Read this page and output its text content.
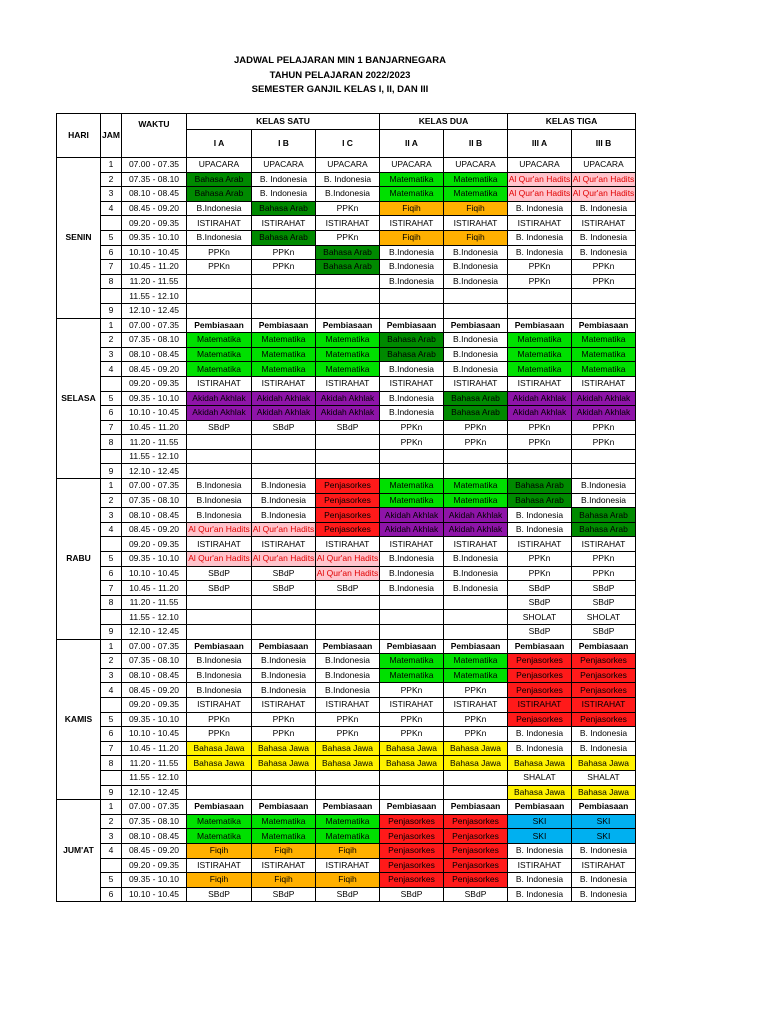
JADWAL PELAJARAN MIN 1 BANJARNEGARA
TAHUN PELAJARAN 2022/2023
SEMESTER GANJIL KELAS I, II, DAN III
HARI	JAM	WAKTU	KELAS SATU			KELAS DUA		KELAS TIGA	
			I A	I B	I C	II A	II B	III A	III B
SENIN	1	07.00 - 07.35	UPACARA	UPACARA	UPACARA	UPACARA	UPACARA	UPACARA	UPACARA
	2	07.35 - 08.10	Bahasa Arab	B. Indonesia	B. Indonesia	Matematika	Matematika	Al Qur'an Hadits	Al Qur'an Hadits
	3	08.10 - 08.45	Bahasa Arab	B. Indonesia	B.Indonesia	Matematika	Matematika	Al Qur'an Hadits	Al Qur'an Hadits
	4	08.45 - 09.20	B.Indonesia	Bahasa Arab	PPKn	Fiqih	Fiqih	B. Indonesia	B. Indonesia
		09.20 - 09.35	ISTIRAHAT	ISTIRAHAT	ISTIRAHAT	ISTIRAHAT	ISTIRAHAT	ISTIRAHAT	ISTIRAHAT
	5	09.35 - 10.10	B.Indonesia	Bahasa Arab	PPKn	Fiqih	Fiqih	B. Indonesia	B. Indonesia
	6	10.10 - 10.45	PPKn	PPKn	Bahasa Arab	B.Indonesia	B.Indonesia	B. Indonesia	B. Indonesia
	7	10.45 - 11.20	PPKn	PPKn	Bahasa Arab	B.Indonesia	B.Indonesia	PPKn	PPKn
	8	11.20 - 11.55				B.Indonesia	B.Indonesia	PPKn	PPKn
		11.55 - 12.10							
	9	12.10 - 12.45							
SELASA	1	07.00 - 07.35	Pembiasaan	Pembiasaan	Pembiasaan	Pembiasaan	Pembiasaan	Pembiasaan	Pembiasaan
	2	07.35 - 08.10	Matematika	Matematika	Matematika	Bahasa Arab	B.Indonesia	Matematika	Matematika
	3	08.10 - 08.45	Matematika	Matematika	Matematika	Bahasa Arab	B.Indonesia	Matematika	Matematika
	4	08.45 - 09.20	Matematika	Matematika	Matematika	B.Indonesia	B.Indonesia	Matematika	Matematika
		09.20 - 09.35	ISTIRAHAT	ISTIRAHAT	ISTIRAHAT	ISTIRAHAT	ISTIRAHAT	ISTIRAHAT	ISTIRAHAT
	5	09.35 - 10.10	Akidah Akhlak	Akidah Akhlak	Akidah Akhlak	B.Indonesia	Bahasa Arab	Akidah Akhlak	Akidah Akhlak
	6	10.10 - 10.45	Akidah Akhlak	Akidah Akhlak	Akidah Akhlak	B.Indonesia	Bahasa Arab	Akidah Akhlak	Akidah Akhlak
	7	10.45 - 11.20	SBdP	SBdP	SBdP	PPKn	PPKn	PPKn	PPKn
	8	11.20 - 11.55				PPKn	PPKn	PPKn	PPKn
		11.55 - 12.10							
	9	12.10 - 12.45							
RABU	1	07.00 - 07.35	B.Indonesia	B.Indonesia	Penjasorkes	Matematika	Matematika	Bahasa Arab	B.Indonesia
	2	07.35 - 08.10	B.Indonesia	B.Indonesia	Penjasorkes	Matematika	Matematika	Bahasa Arab	B.Indonesia
	3	08.10 - 08.45	B.Indonesia	B.Indonesia	Penjasorkes	Akidah Akhlak	Akidah Akhlak	B. Indonesia	Bahasa Arab
	4	08.45 - 09.20	Al Qur'an Hadits	Al Qur'an Hadits	Penjasorkes	Akidah Akhlak	Akidah Akhlak	B. Indonesia	Bahasa Arab
		09.20 - 09.35	ISTIRAHAT	ISTIRAHAT	ISTIRAHAT	ISTIRAHAT	ISTIRAHAT	ISTIRAHAT	ISTIRAHAT
	5	09.35 - 10.10	Al Qur'an Hadits	Al Qur'an Hadits	Al Qur'an Hadits	B.Indonesia	B.Indonesia	PPKn	PPKn
	6	10.10 - 10.45	SBdP	SBdP	Al Qur'an Hadits	B.Indonesia	B.Indonesia	PPKn	PPKn
	7	10.45 - 11.20	SBdP	SBdP	SBdP	B.Indonesia	B.Indonesia	SBdP	SBdP
	8	11.20 - 11.55						SBdP	SBdP
		11.55 - 12.10						SHOLAT	SHOLAT
	9	12.10 - 12.45						SBdP	SBdP
KAMIS	1	07.00 - 07.35	Pembiasaan	Pembiasaan	Pembiasaan	Pembiasaan	Pembiasaan	Pembiasaan	Pembiasaan
	2	07.35 - 08.10	B.Indonesia	B.Indonesia	B.Indonesia	Matematika	Matematika	Penjasorkes	Penjasorkes
	3	08.10 - 08.45	B.Indonesia	B.Indonesia	B.Indonesia	Matematika	Matematika	Penjasorkes	Penjasorkes
	4	08.45 - 09.20	B.Indonesia	B.Indonesia	B.Indonesia	PPKn	PPKn	Penjasorkes	Penjasorkes
		09.20 - 09.35	ISTIRAHAT	ISTIRAHAT	ISTIRAHAT	ISTIRAHAT	ISTIRAHAT	ISTIRAHAT	ISTIRAHAT
	5	09.35 - 10.10	PPKn	PPKn	PPKn	PPKn	PPKn	Penjasorkes	Penjasorkes
	6	10.10 - 10.45	PPKn	PPKn	PPKn	PPKn	PPKn	B. Indonesia	B. Indonesia
	7	10.45 - 11.20	Bahasa Jawa	Bahasa Jawa	Bahasa Jawa	Bahasa Jawa	Bahasa Jawa	B. Indonesia	B. Indonesia
	8	11.20 - 11.55	Bahasa Jawa	Bahasa Jawa	Bahasa Jawa	Bahasa Jawa	Bahasa Jawa	Bahasa Jawa	Bahasa Jawa
		11.55 - 12.10						SHALAT	SHALAT
	9	12.10 - 12.45						Bahasa Jawa	Bahasa Jawa
JUM'AT	1	07.00 - 07.35	Pembiasaan	Pembiasaan	Pembiasaan	Pembiasaan	Pembiasaan	Pembiasaan	Pembiasaan
	2	07.35 - 08.10	Matematika	Matematika	Matematika	Penjasorkes	Penjasorkes	SKI	SKI
	3	08.10 - 08.45	Matematika	Matematika	Matematika	Penjasorkes	Penjasorkes	SKI	SKI
	4	08.45 - 09.20	Fiqih	Fiqih	Fiqih	Penjasorkes	Penjasorkes	B. Indonesia	B. Indonesia
		09.20 - 09.35	ISTIRAHAT	ISTIRAHAT	ISTIRAHAT	Penjasorkes	Penjasorkes	ISTIRAHAT	ISTIRAHAT
	5	09.35 - 10.10	Fiqih	Fiqih	Fiqih	Penjasorkes	Penjasorkes	B. Indonesia	B. Indonesia
	6	10.10 - 10.45	SBdP	SBdP	SBdP	SBdP	SBdP	B. Indonesia	B. Indonesia
